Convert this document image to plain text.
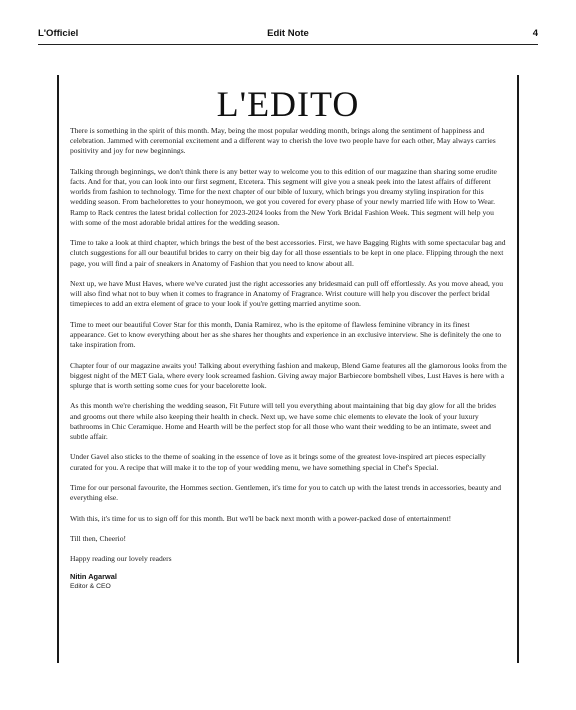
L'Officiel	Edit Note	4
L'EDITO

There is something in the spirit of this month. May, being the most popular wedding month, brings along the sentiment of happiness and celebration. Jammed with ceremonial excitement and a different way to cherish the love two people have for each other, May always carries positivity and joy for new beginnings.

Talking through beginnings, we don't think there is any better way to welcome you to this edition of our magazine than sharing some erudite facts. And for that, you can look into our first segment, Etcetera. This segment will give you a sneak peek into the latest affairs of different worlds from fashion to technology. Time for the next chapter of our bible of luxury, which brings you dreamy styling inspiration for this wedding season. From bachelorettes to your honeymoon, we got you covered for every phase of your newly married life with How to Wear. Ramp to Rack centres the latest bridal collection for 2023-2024 looks from the New York Bridal Fashion Week. This segment will help you with some of the most adorable bridal attires for the wedding season.

Time to take a look at third chapter, which brings the best of the best accessories. First, we have Bagging Rights with some spectacular bag and clutch suggestions for all our beautiful brides to carry on their big day for all those essentials to be kept in one place. Flipping through the next page, you will find a pair of sneakers in Anatomy of Fashion that you need to know about all.

Next up, we have Must Haves, where we've curated just the right accessories any bridesmaid can pull off effortlessly. As you move ahead, you will also find what not to buy when it comes to fragrance in Anatomy of Fragrance. Wrist couture will help you discover the perfect bridal timepieces to add an extra element of grace to your look if you're getting married anytime soon.

Time to meet our beautiful Cover Star for this month, Dania Ramirez, who is the epitome of flawless feminine vibrancy in its finest appearance. Get to know everything about her as she shares her thoughts and experience in an exclusive interview. She is definitely the one to take inspiration from.

Chapter four of our magazine awaits you! Talking about everything fashion and makeup, Blend Game features all the glamorous looks from the biggest night of the MET Gala, where every look screamed fashion. Giving away major Barbiecore bombshell vibes, Lust Haves is here with a splurge that is worth setting some cues for your bacelorette look.

As this month we're cherishing the wedding season, Fit Future will tell you everything about maintaining that big day glow for all the brides and grooms out there while also keeping their health in check. Next up, we have some chic elements to elevate the look of your luxury bathrooms in Chic Ceramique. Home and Hearth will be the perfect stop for all those who want their wedding to be an intimate, sweet and subtle affair.

Under Gavel also sticks to the theme of soaking in the essence of love as it brings some of the greatest love-inspired art pieces especially curated for you. A recipe that will make it to the top of your wedding menu, we have something special in Chef's Special.

Time for our personal favourite, the Hommes section. Gentlemen, it's time for you to catch up with the latest trends in accessories, beauty and everything else.

With this, it's time for us to sign off for this month. But we'll be back next month with a power-packed dose of entertainment!

Till then, Cheerio!

Happy reading our lovely readers

Nitin Agarwal
Editor & CEO
